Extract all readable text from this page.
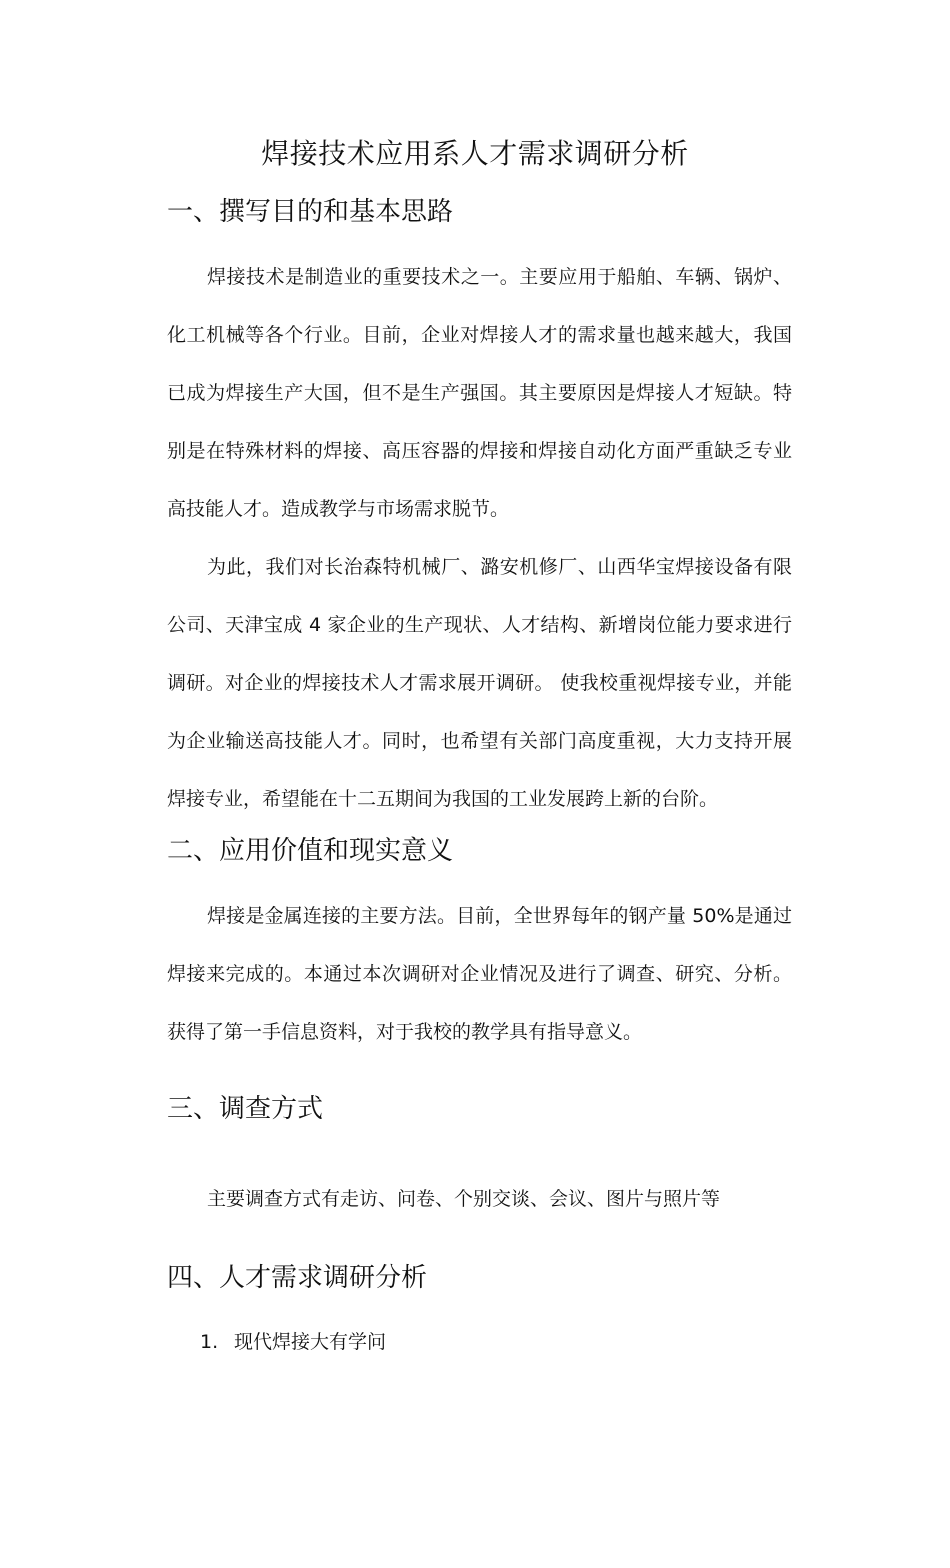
焊接技术应用系人才需求调研分析
一、撰写目的和基本思路

焊接技术是制造业的重要技术之一。主要应用于船舶、车辆、锅炉、化工机械等各个行业。目前，企业对焊接人才的需求量也越来越大，我国已成为焊接生产大国，但不是生产强国。其主要原因是焊接人才短缺。特别是在特殊材料的焊接、高压容器的焊接和焊接自动化方面严重缺乏专业高技能人才。造成教学与市场需求脱节。

为此，我们对长治森特机械厂、潞安机修厂、山西华宝焊接设备有限公司、天津宝成 4 家企业的生产现状、人才结构、新增岗位能力要求进行调研。对企业的焊接技术人才需求展开调研。 使我校重视焊接专业，并能为企业输送高技能人才。同时，也希望有关部门高度重视，大力支持开展焊接专业，希望能在十二五期间为我国的工业发展跨上新的台阶。

二、应用价值和现实意义

焊接是金属连接的主要方法。目前，全世界每年的钢产量 50%是通过焊接来完成的。本通过本次调研对企业情况及进行了调查、研究、分析。获得了第一手信息资料，对于我校的教学具有指导意义。

三、调查方式
主要调查方式有走访、问卷、个别交谈、会议、图片与照片等
四、人才需求调研分析
1. 现代焊接大有学问
